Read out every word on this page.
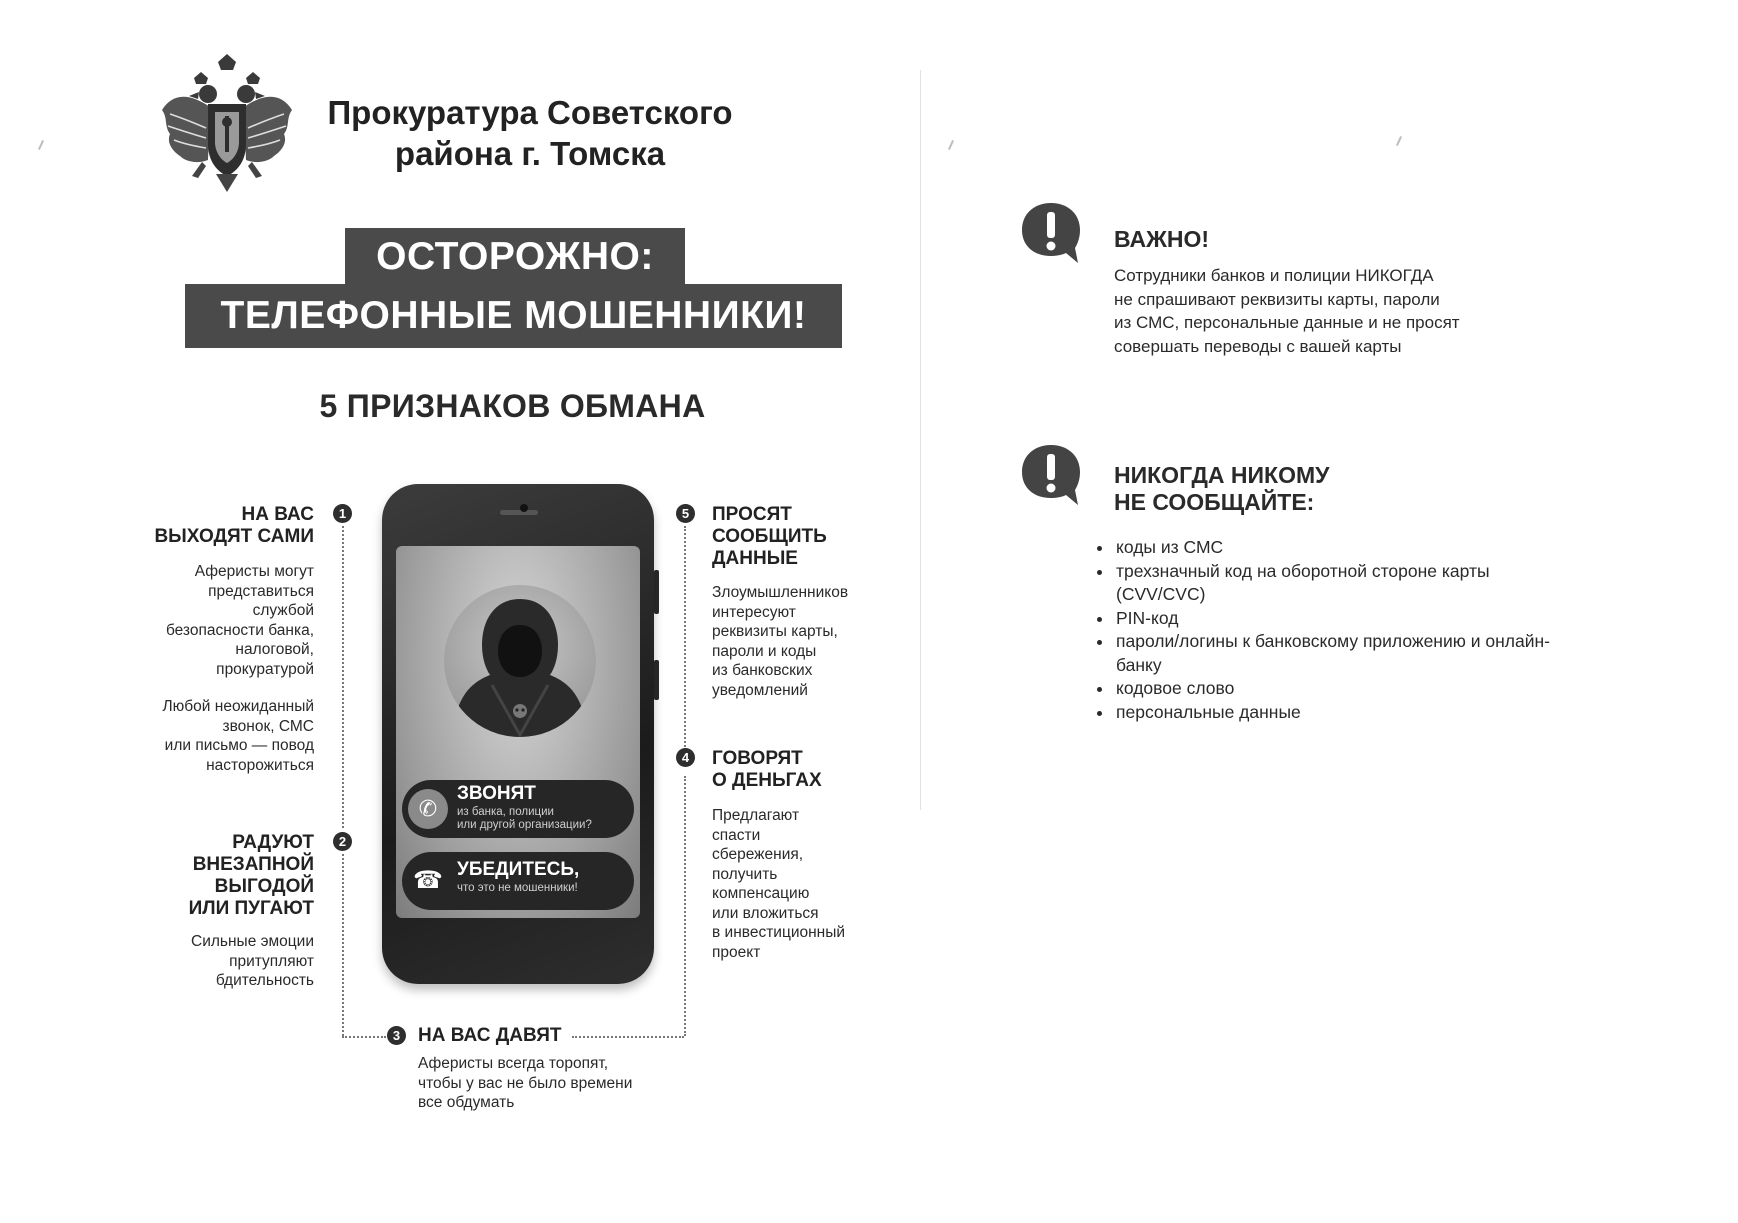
Прокуратура Советского
района г. Томска
ОСТОРОЖНО:
ТЕЛЕФОННЫЕ МОШЕННИКИ!
5 ПРИЗНАКОВ ОБМАНА
НА ВАС
ВЫХОДЯТ САМИ
1
Аферисты могут
представиться
службой
безопасности банка,
налоговой,
прокуратурой
Любой неожиданный
звонок, СМС
или письмо — повод
насторожиться
РАДУЮТ
ВНЕЗАПНОЙ
ВЫГОДОЙ
ИЛИ ПУГАЮТ
2
Сильные эмоции
притупляют
бдительность
3 НА ВАС ДАВЯТ
Аферисты всегда торопят,
чтобы у вас не было времени
все обдумать
4	ГОВОРЯТ
О ДЕНЬГАХ
Предлагают
спасти
сбережения,
получить
компенсацию
или вложиться
в инвестиционный
проект
5	ПРОСЯТ
СООБЩИТЬ
ДАННЫЕ
Злоумышленников
интересуют
реквизиты карты,
пароли и коды
из банковских
уведомлений
✆
ЗВОНЯТ
из банка, полиции
или другой организации?
☎ УБЕДИТЕСЬ,
что это не мошенники!
ВАЖНО!
Сотрудники банков и полиции НИКОГДА
не спрашивают реквизиты карты, пароли
из СМС, персональные данные и не просят
совершать переводы с вашей карты
НИКОГДА НИКОМУ
НЕ СООБЩАЙТЕ:
• коды из СМС
• трехзначный код на оборотной стороне карты (CVV/CVC)
• PIN-код
• пароли/логины к банковскому приложению и онлайн-банку
• кодовое слово
• персональные данные
